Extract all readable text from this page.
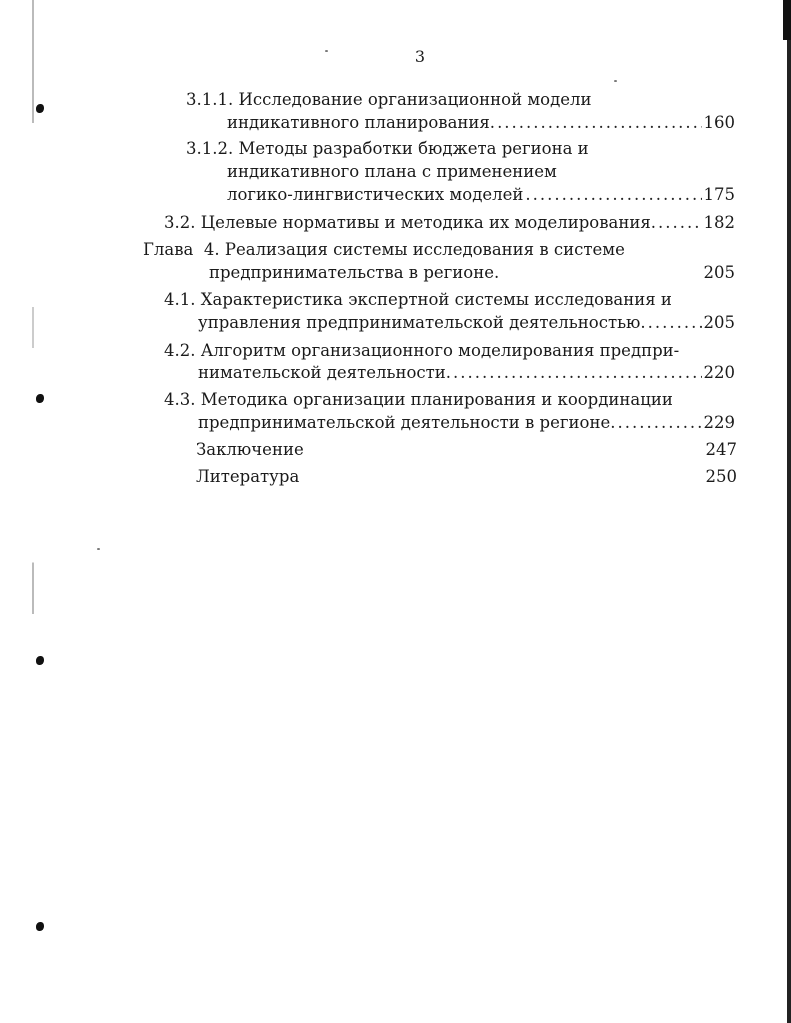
3
3.1.1. Исследование организационной модели
индикативного планирования. .....	160
3.1.2. Методы разработки бюджета региона и
индикативного плана с применением
логико-лингвистических моделей .....	175
3.2.
Целевые нормативы и методика их моделирования. .....	182
Глава 4. Реализация системы исследования в системе
предпринимательства в регионе.	205
4.1. Характеристика экспертной системы исследования и
управления предпринимательской деятельностью. .....	205
4.2. Алгоритм организационного моделирования предпри-
нимательской деятельности. .....	220
4.3. Методика организации планирования и координации
предпринимательской деятельности в регионе. .....	229
Заключение	247
Литература	250
